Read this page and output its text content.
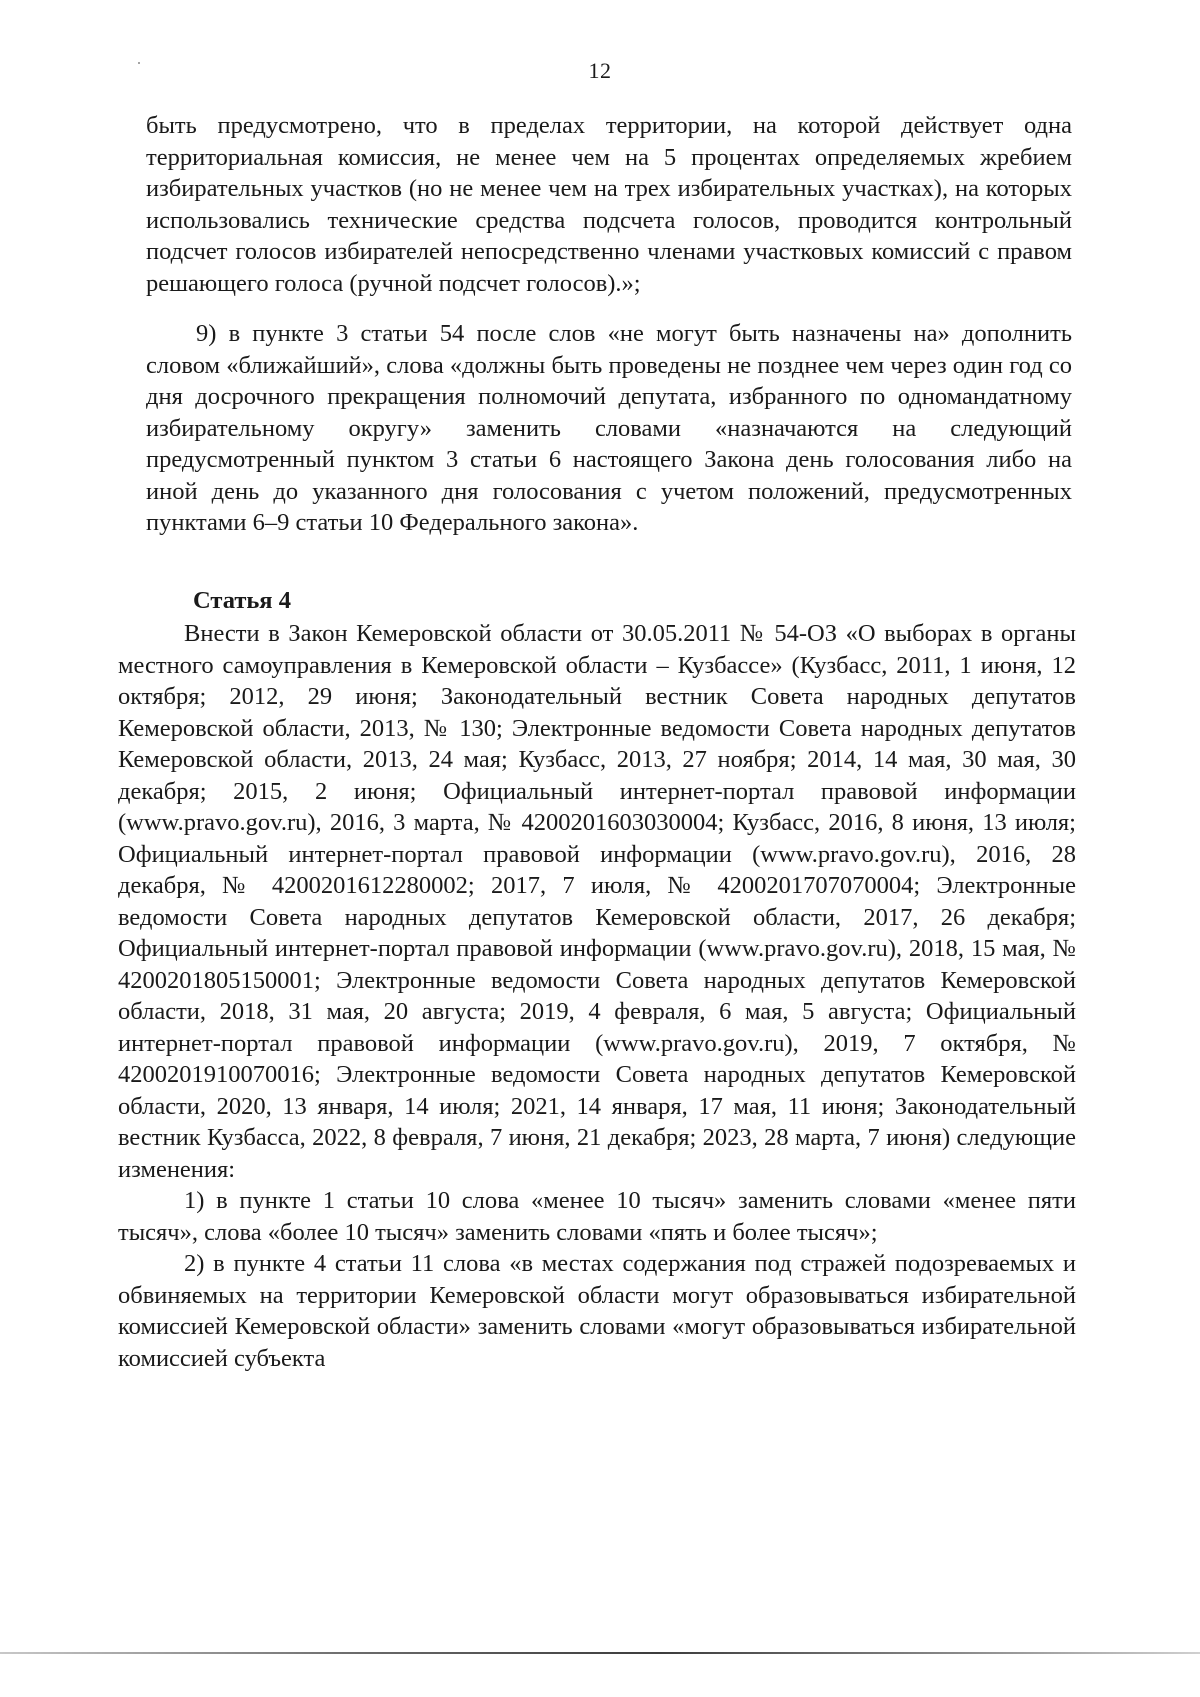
12

быть предусмотрено, что в пределах территории, на которой действует одна территориальная комиссия, не менее чем на 5 процентах определяемых жребием избирательных участков (но не менее чем на трех избирательных участках), на которых использовались технические средства подсчета голосов, проводится контрольный подсчет голосов избирателей непосредственно членами участковых комиссий с правом решающего голоса (ручной подсчет голосов).»;

9) в пункте 3 статьи 54 после слов «не могут быть назначены на» дополнить словом «ближайший», слова «должны быть проведены не позднее чем через один год со дня досрочного прекращения полномочий депутата, избранного по одномандатному избирательному округу» заменить словами «назначаются на следующий предусмотренный пунктом 3 статьи 6 настоящего Закона день голосования либо на иной день до указанного дня голосования с учетом положений, предусмотренных пунктами 6–9 статьи 10 Федерального закона».

Статья 4

Внести в Закон Кемеровской области от 30.05.2011 № 54-ОЗ «О выборах в органы местного самоуправления в Кемеровской области – Кузбассе» (Кузбасс, 2011, 1 июня, 12 октября; 2012, 29 июня; Законодательный вестник Совета народных депутатов Кемеровской области, 2013, № 130; Электронные ведомости Совета народных депутатов Кемеровской области, 2013, 24 мая; Кузбасс, 2013, 27 ноября; 2014, 14 мая, 30 мая, 30 декабря; 2015, 2 июня; Официальный интернет-портал правовой информации (www.pravo.gov.ru), 2016, 3 марта, № 4200201603030004; Кузбасс, 2016, 8 июня, 13 июля; Официальный интернет-портал правовой информации (www.pravo.gov.ru), 2016, 28 декабря, № 4200201612280002; 2017, 7 июля, № 4200201707070004; Электронные ведомости Совета народных депутатов Кемеровской области, 2017, 26 декабря; Официальный интернет-портал правовой информации (www.pravo.gov.ru), 2018, 15 мая, № 4200201805150001; Электронные ведомости Совета народных депутатов Кемеровской области, 2018, 31 мая, 20 августа; 2019, 4 февраля, 6 мая, 5 августа; Официальный интернет-портал правовой информации (www.pravo.gov.ru), 2019, 7 октября, № 4200201910070016; Электронные ведомости Совета народных депутатов Кемеровской области, 2020, 13 января, 14 июля; 2021, 14 января, 17 мая, 11 июня; Законодательный вестник Кузбасса, 2022, 8 февраля, 7 июня, 21 декабря; 2023, 28 марта, 7 июня) следующие изменения:

1) в пункте 1 статьи 10 слова «менее 10 тысяч» заменить словами «менее пяти тысяч», слова «более 10 тысяч» заменить словами «пять и более тысяч»;

2) в пункте 4 статьи 11 слова «в местах содержания под стражей подозреваемых и обвиняемых на территории Кемеровской области могут образовываться избирательной комиссией Кемеровской области» заменить словами «могут образовываться избирательной комиссией субъекта
